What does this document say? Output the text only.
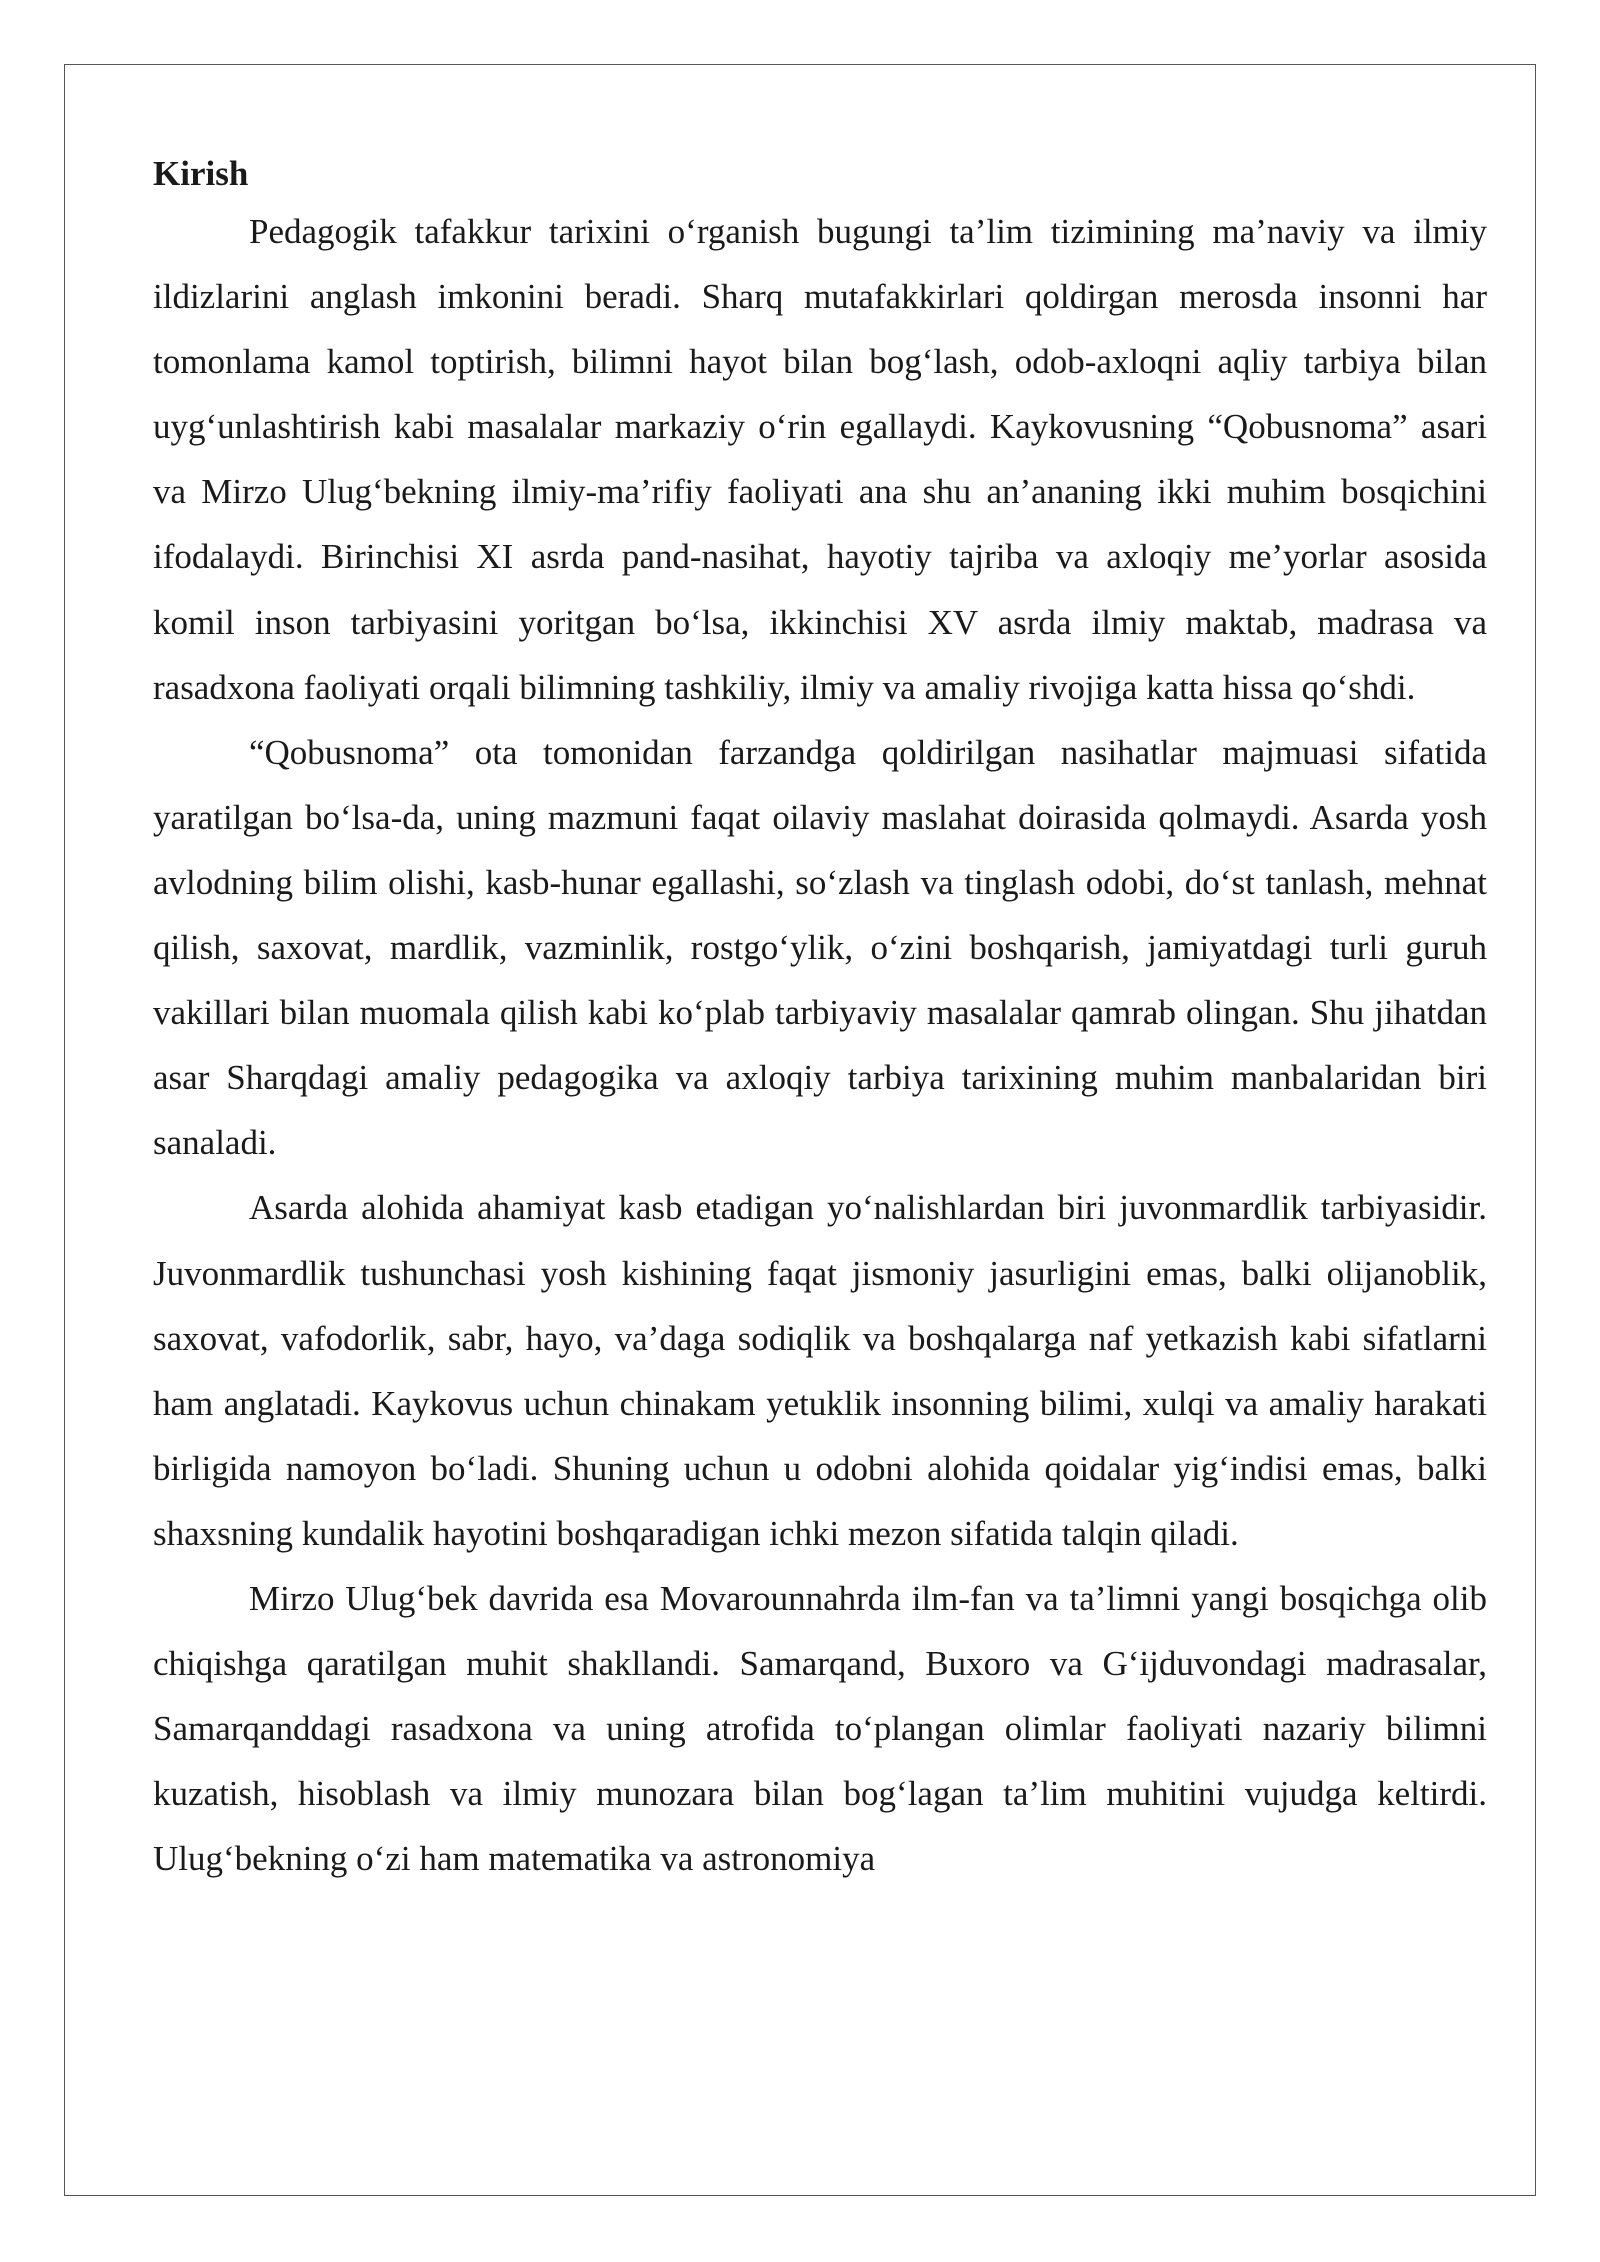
Kirish

Pedagogik tafakkur tarixini o‘rganish bugungi ta’lim tizimining ma’naviy va ilmiy ildizlarini anglash imkonini beradi. Sharq mutafakkirlari qoldirgan merosda insonni har tomonlama kamol toptirish, bilimni hayot bilan bog‘lash, odob-axloqni aqliy tarbiya bilan uyg‘unlashtirish kabi masalalar markaziy o‘rin egallaydi. Kaykovusning “Qobusnoma” asari va Mirzo Ulug‘bekning ilmiy-ma’rifiy faoliyati ana shu an’ananing ikki muhim bosqichini ifodalaydi. Birinchisi XI asrda pand-nasihat, hayotiy tajriba va axloqiy me’yorlar asosida komil inson tarbiyasini yoritgan bo‘lsa, ikkinchisi XV asrda ilmiy maktab, madrasa va rasadxona faoliyati orqali bilimning tashkiliy, ilmiy va amaliy rivojiga katta hissa qo‘shdi.

“Qobusnoma” ota tomonidan farzandga qoldirilgan nasihatlar majmuasi sifatida yaratilgan bo‘lsa-da, uning mazmuni faqat oilaviy maslahat doirasida qolmaydi. Asarda yosh avlodning bilim olishi, kasb-hunar egallashi, so‘zlash va tinglash odobi, do‘st tanlash, mehnat qilish, saxovat, mardlik, vazminlik, rostgo‘ylik, o‘zini boshqarish, jamiyatdagi turli guruh vakillari bilan muomala qilish kabi ko‘plab tarbiyaviy masalalar qamrab olingan. Shu jihatdan asar Sharqdagi amaliy pedagogika va axloqiy tarbiya tarixining muhim manbalaridan biri sanaladi.

Asarda alohida ahamiyat kasb etadigan yo‘nalishlardan biri juvonmardlik tarbiyasidir. Juvonmardlik tushunchasi yosh kishining faqat jismoniy jasurligini emas, balki olijanoblik, saxovat, vafodorlik, sabr, hayo, va’daga sodiqlik va boshqalarga naf yetkazish kabi sifatlarni ham anglatadi. Kaykovus uchun chinakam yetuklik insonning bilimi, xulqi va amaliy harakati birligida namoyon bo‘ladi. Shuning uchun u odobni alohida qoidalar yig‘indisi emas, balki shaxsning kundalik hayotini boshqaradigan ichki mezon sifatida talqin qiladi.

Mirzo Ulug‘bek davrida esa Movarounnahrda ilm-fan va ta’limni yangi bosqichga olib chiqishga qaratilgan muhit shakllandi. Samarqand, Buxoro va G‘ijduvondagi madrasalar, Samarqanddagi rasadxona va uning atrofida to‘plangan olimlar faoliyati nazariy bilimni kuzatish, hisoblash va ilmiy munozara bilan bog‘lagan ta’lim muhitini vujudga keltirdi. Ulug‘bekning o‘zi ham matematika va astronomiya
